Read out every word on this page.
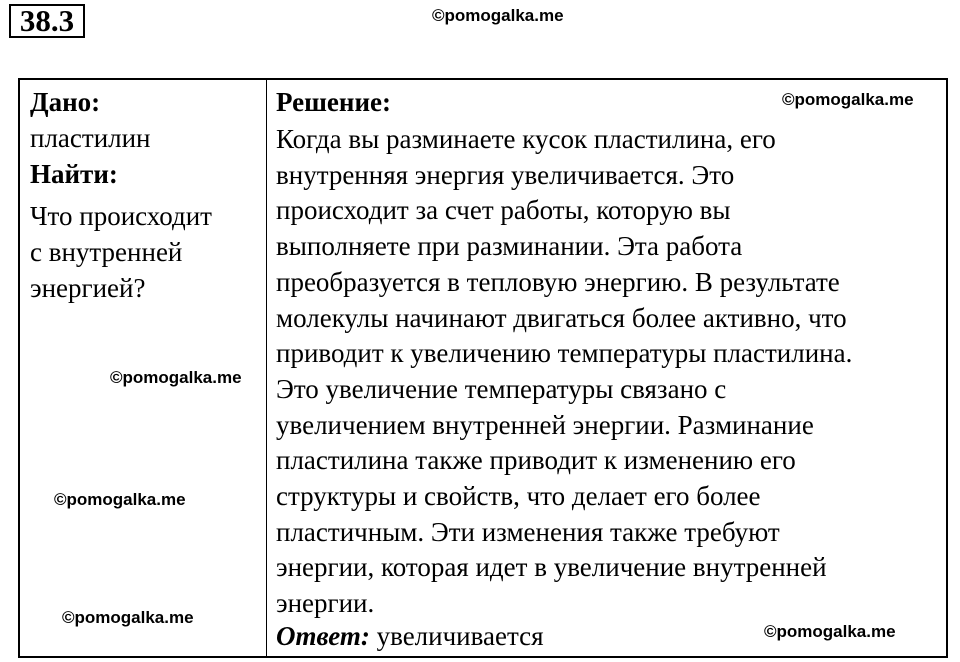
38.3	©pomogalka.me
Дано:
пластилин
Найти:
Что происходит
с внутренней
энергией?
Решение:
Когда вы разминаете кусок пластилина, его
внутренняя энергия увеличивается. Это
происходит за счет работы, которую вы
выполняете при разминании. Эта работа
преобразуется в тепловую энергию. В результате
молекулы начинают двигаться более активно, что
приводит к увеличению температуры пластилина.
Это увеличение температуры связано с
увеличением внутренней энергии. Разминание
пластилина также приводит к изменению его
структуры и свойств, что делает его более
пластичным. Эти изменения также требуют
энергии, которая идет в увеличение внутренней
энергии.
Ответ: увеличивается
©pomogalka.me
©pomogalka.me
©pomogalka.me
©pomogalka.me
©pomogalka.me
